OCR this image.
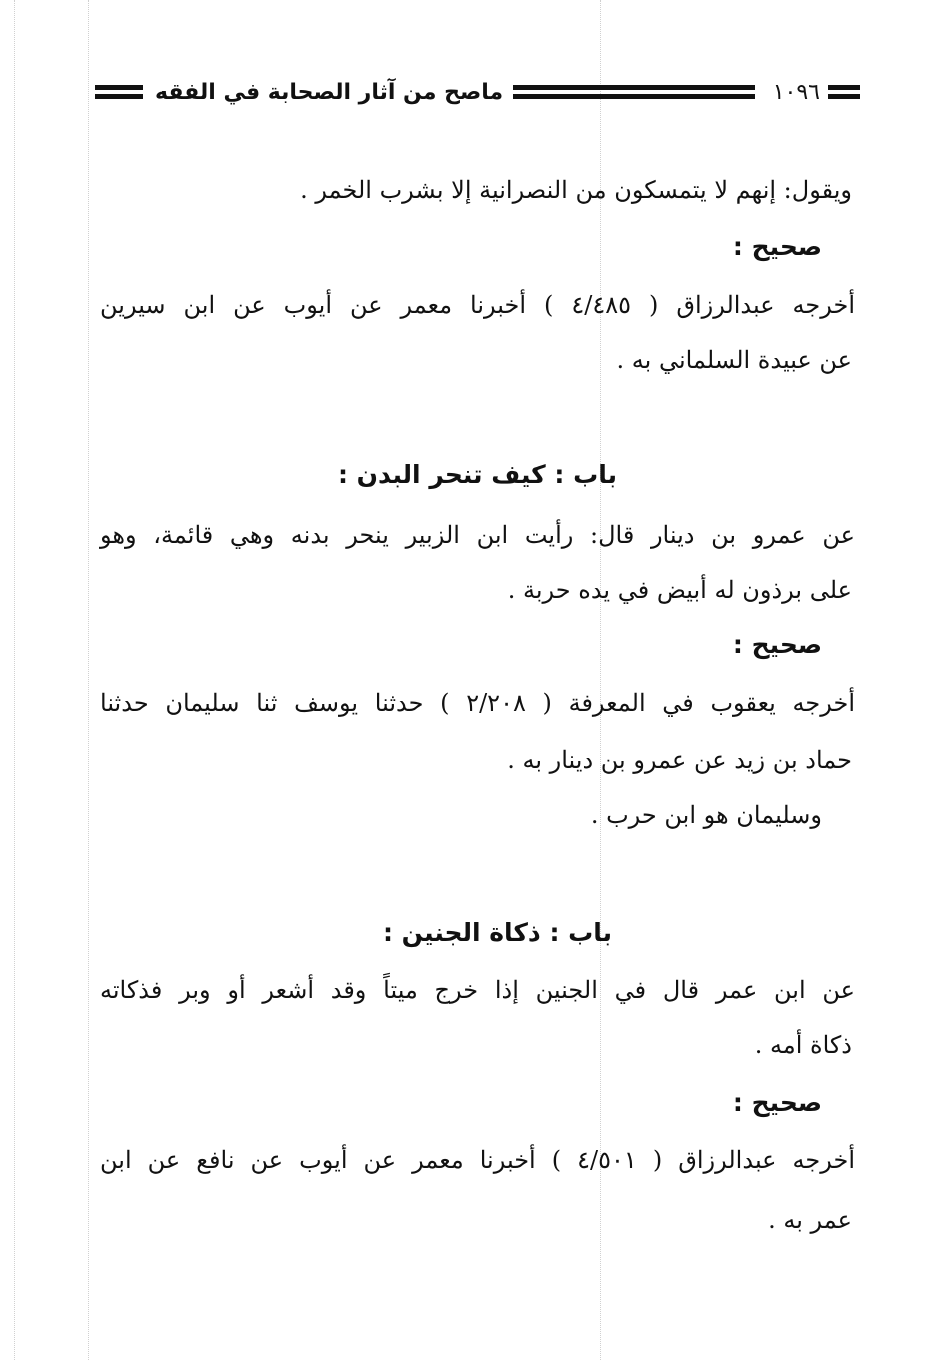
١٠٩٦
ماصح من آثار الصحابة في الفقه
ويقول: إنهم لا يتمسكون من النصرانية إلا بشرب الخمر .
صحيح :
أخرجه عبدالرزاق ( ٤/٤٨٥ ) أخبرنا معمر عن أيوب عن ابن سيرين
عن عبيدة السلماني به .
باب : كيف تنحر البدن :
عن عمرو بن دينار قال: رأيت ابن الزبير ينحر بدنه وهي قائمة، وهو
على برذون له أبيض في يده حربة .
صحيح :
أخرجه يعقوب في المعرفة ( ٢/٢٠٨ ) حدثنا يوسف ثنا سليمان حدثنا
حماد بن زيد عن عمرو بن دينار به .
وسليمان هو ابن حرب .
باب : ذكاة الجنين :
عن ابن عمر قال في الجنين إذا خرج ميتاً وقد أشعر أو وبر فذكاته
ذكاة أمه .
صحيح :
أخرجه عبدالرزاق ( ٤/٥٠١ ) أخبرنا معمر عن أيوب عن نافع عن ابن
عمر به .
